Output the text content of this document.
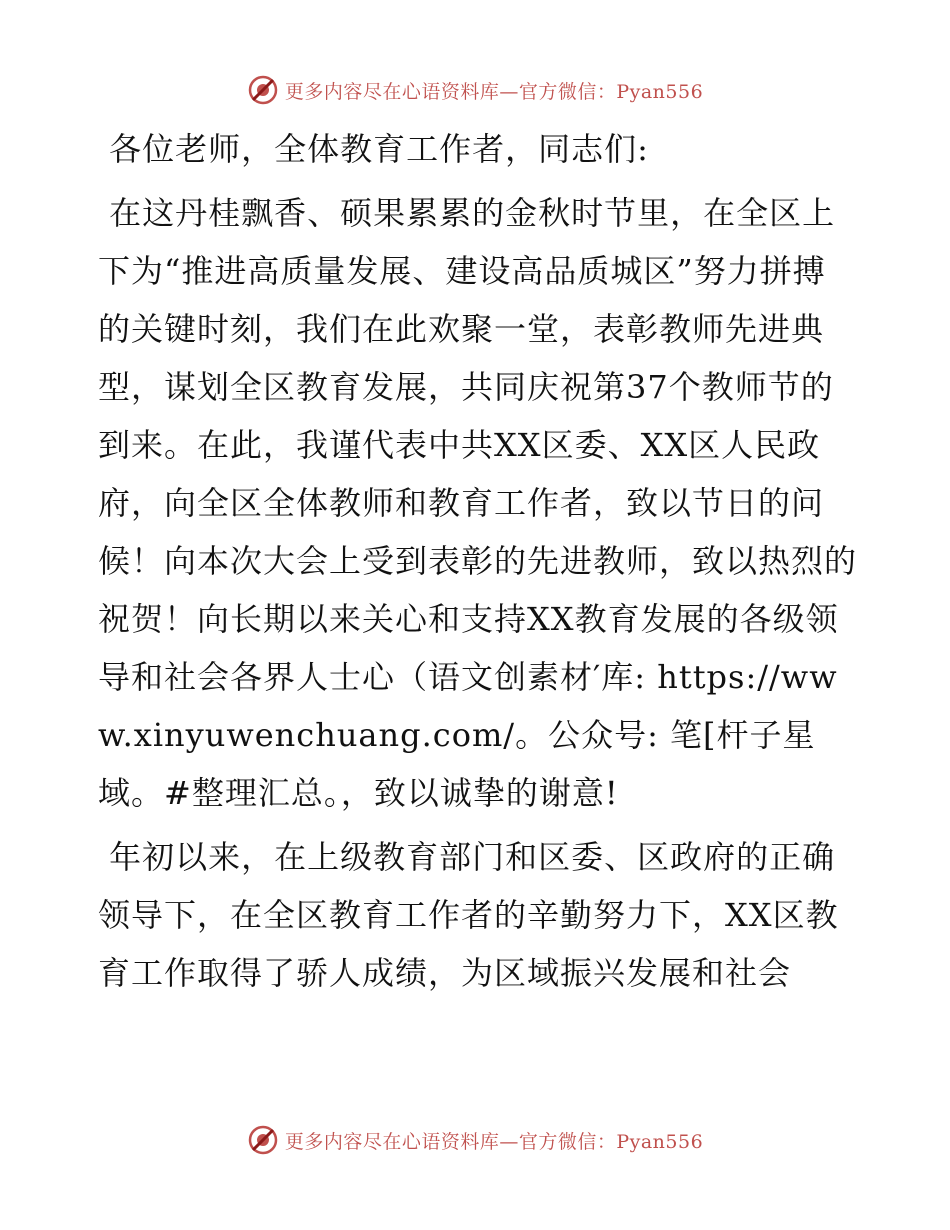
更多内容尽在心语资料库—官方微信：Pyan556

各位老师，全体教育工作者，同志们:

在这丹桂飘香、硕果累累的金秋时节里，在全区上下为“推进高质量发展、建设高品质城区”努力拼搏的关键时刻，我们在此欢聚一堂，表彰教师先进典型，谋划全区教育发展，共同庆祝第37个教师节的到来。在此，我谨代表中共XX区委、XX区人民政府，向全区全体教师和教育工作者，致以节日的问候！向本次大会上受到表彰的先进教师，致以热烈的祝贺！向长期以来关心和支持XX教育发展的各级领导和社会各界人士心（语文创素材′库: https://www.xinyuwenchuang.com/。公众号: 笔[杆子星域。#整理汇总。，致以诚挚的谢意!

年初以来，在上级教育部门和区委、区政府的正确领导下，在全区教育工作者的辛勤努力下，XX区教育工作取得了骄人成绩，为区域振兴发展和社会

更多内容尽在心语资料库—官方微信：Pyan556
